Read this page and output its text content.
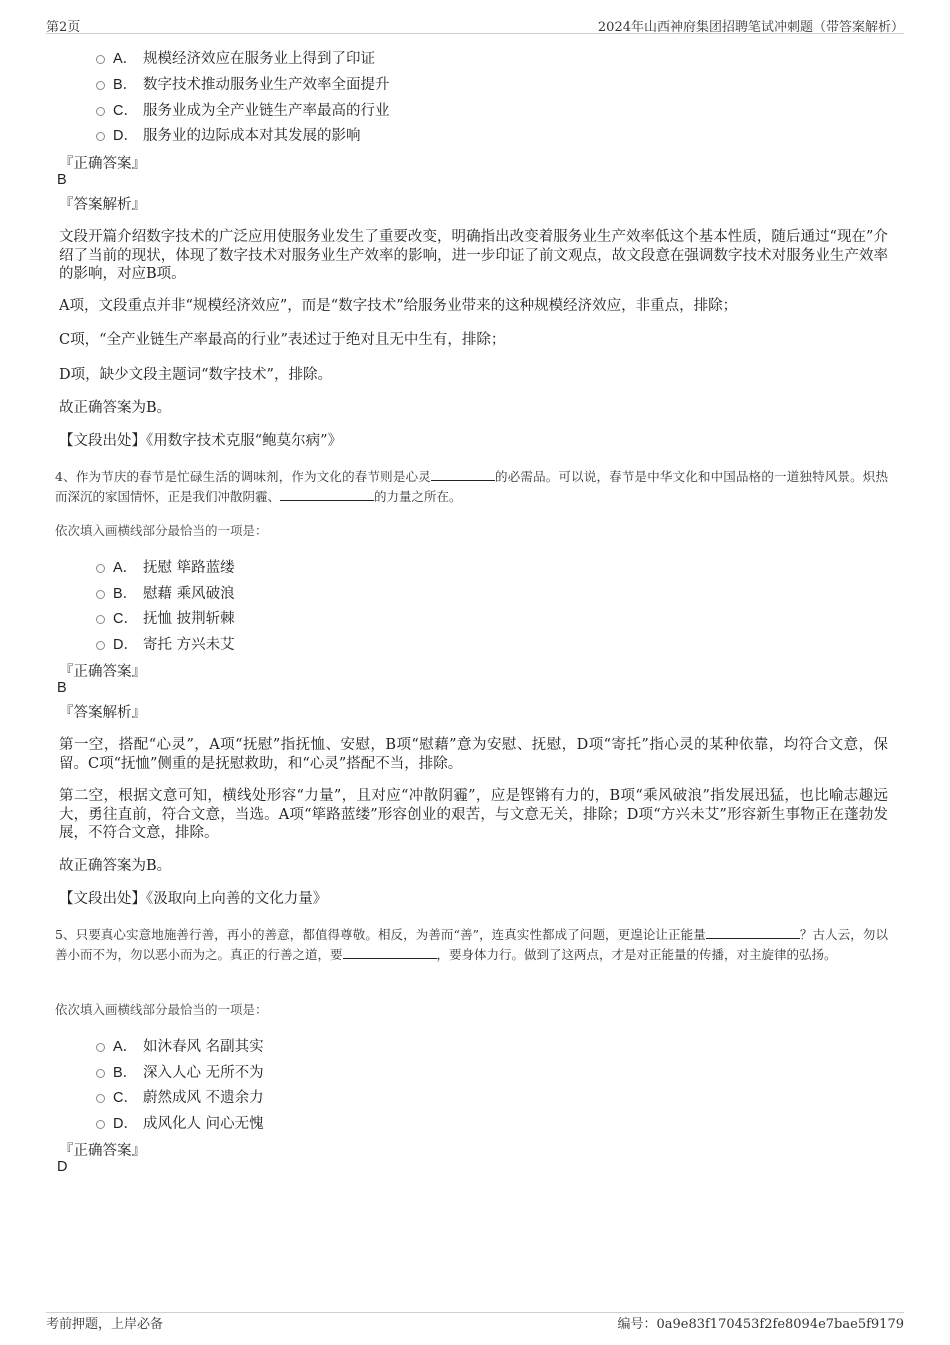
第2页	2024年山西神府集团招聘笔试冲刺题（带答案解析）
A． 规模经济效应在服务业上得到了印证
B． 数字技术推动服务业生产效率全面提升
C． 服务业成为全产业链生产率最高的行业
D． 服务业的边际成本对其发展的影响
『正确答案』
B
『答案解析』
文段开篇介绍数字技术的广泛应用使服务业发生了重要改变，明确指出改变着服务业生产效率低这个基本性质，随后通过“现在”介绍了当前的现状，体现了数字技术对服务业生产效率的影响，进一步印证了前文观点，故文段意在强调数字技术对服务业生产效率的影响，对应B项。
A项，文段重点并非“规模经济效应”，而是“数字技术”给服务业带来的这种规模经济效应，非重点，排除；
C项，“全产业链生产率最高的行业”表述过于绝对且无中生有，排除；
D项，缺少文段主题词“数字技术”，排除。
故正确答案为B。
【文段出处】《用数字技术克服“鲍莫尔病”》
4、作为节庆的春节是忙碌生活的调味剂，作为文化的春节则是心灵	的必需品。可以说，春节是中华文化和中国品格的一道独特风景。炽热而深沉的家国情怀，正是我们冲散阴霾、	的力量之所在。
依次填入画横线部分最恰当的一项是：
A． 抚慰 筚路蓝缕
B． 慰藉 乘风破浪
C． 抚恤 披荆斩棘
D． 寄托 方兴未艾
『正确答案』
B
『答案解析』
第一空，搭配“心灵”，A项“抚慰”指抚恤、安慰，B项“慰藉”意为安慰、抚慰，D项“寄托”指心灵的某种依靠，均符合文意，保留。C项“抚恤”侧重的是抚慰救助，和“心灵”搭配不当，排除。
第二空，根据文意可知，横线处形容“力量”，且对应“冲散阴霾”，应是铿锵有力的，B项“乘风破浪”指发展迅猛，也比喻志趣远大，勇往直前，符合文意，当选。A项“筚路蓝缕”形容创业的艰苦，与文意无关，排除；D项“方兴未艾”形容新生事物正在蓬勃发展，不符合文意，排除。
故正确答案为B。
【文段出处】《汲取向上向善的文化力量》
5、只要真心实意地施善行善，再小的善意，都值得尊敬。相反，为善而“善”，连真实性都成了问题，更遑论让正能量	？古人云，勿以善小而不为，勿以恶小而为之。真正的行善之道，要	，要身体力行。做到了这两点，才是对正能量的传播，对主旋律的弘扬。
依次填入画横线部分最恰当的一项是：
A． 如沐春风 名副其实
B． 深入人心 无所不为
C． 蔚然成风 不遗余力
D． 成风化人 问心无愧
『正确答案』
D
考前押题，上岸必备	编号：0a9e83f170453f2fe8094e7bae5f9179
